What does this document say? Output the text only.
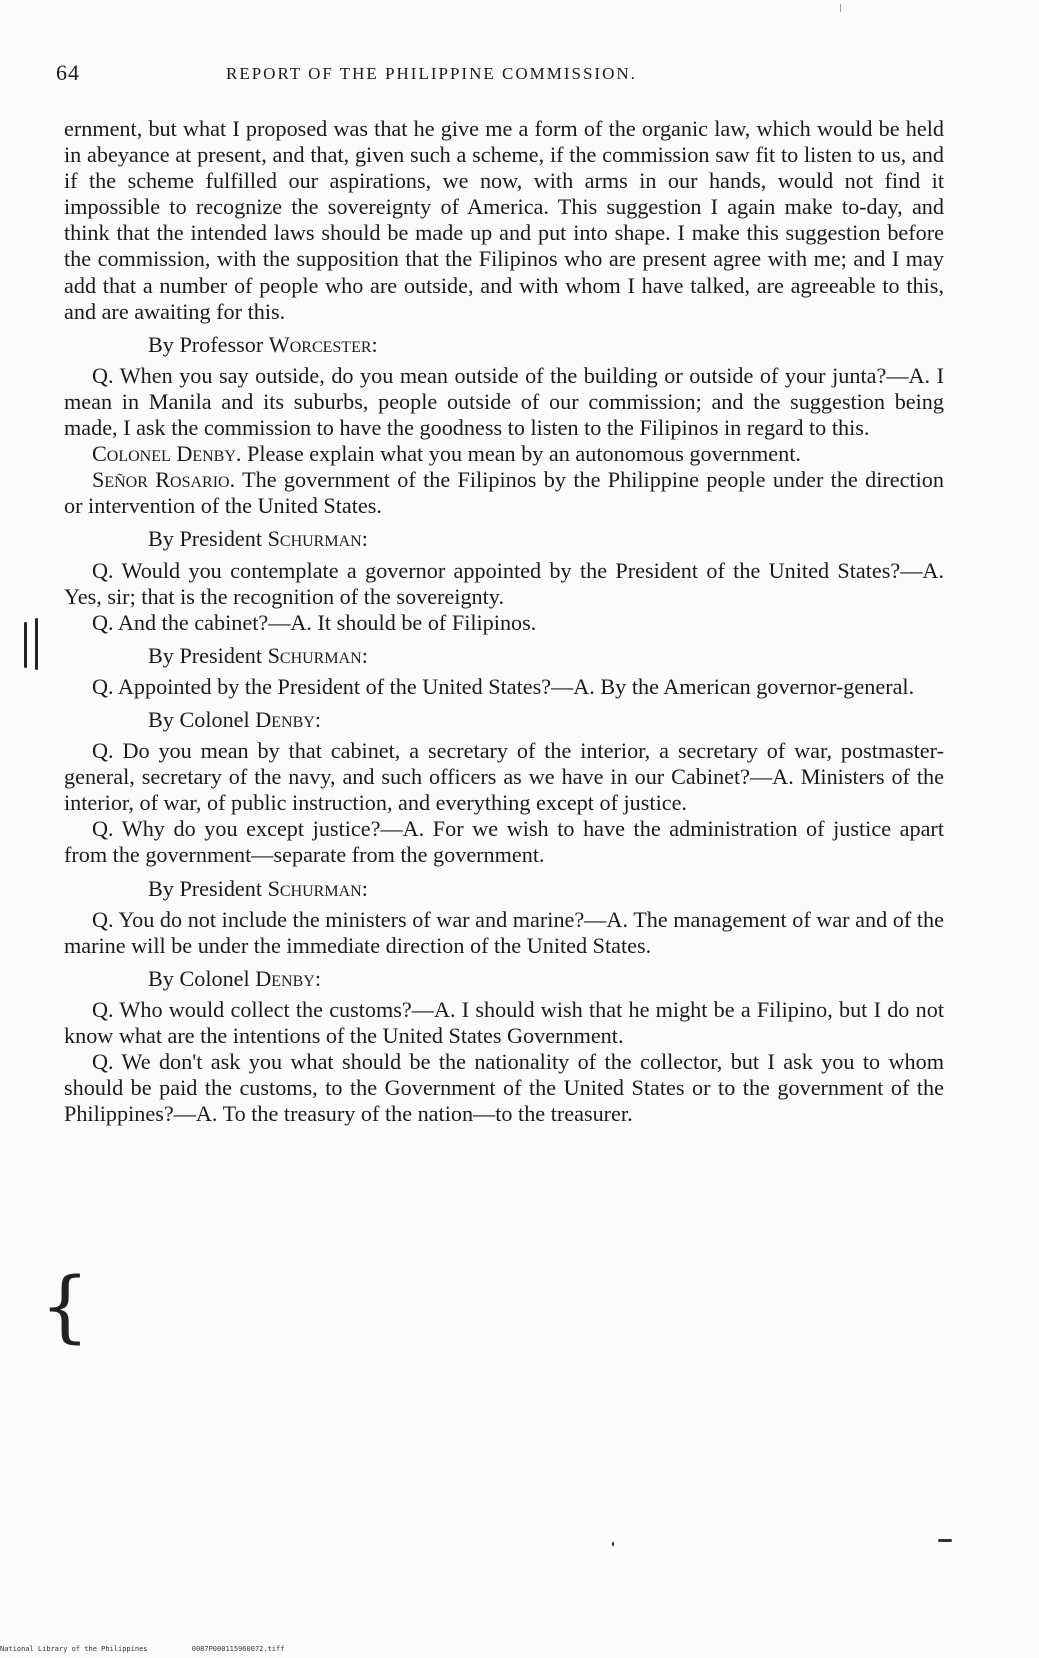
64	REPORT OF THE PHILIPPINE COMMISSION.

ernment, but what I proposed was that he give me a form of the organic law, which would be held in abeyance at present, and that, given such a scheme, if the commission saw fit to listen to us, and if the scheme fulfilled our aspirations, we now, with arms in our hands, would not find it impossible to recognize the sovereignty of America. This suggestion I again make to-day, and think that the intended laws should be made up and put into shape. I make this suggestion before the commission, with the supposition that the Filipinos who are present agree with me; and I may add that a number of people who are outside, and with whom I have talked, are agreeable to this, and are awaiting for this.

By Professor Worcester:

Q. When you say outside, do you mean outside of the building or outside of your junta?—A. I mean in Manila and its suburbs, people outside of our commission; and the suggestion being made, I ask the commission to have the goodness to listen to the Filipinos in regard to this.

Colonel Denby. Please explain what you mean by an autonomous government.

Señor Rosario. The government of the Filipinos by the Philippine people under the direction or intervention of the United States.

By President Schurman:

Q. Would you contemplate a governor appointed by the President of the United States?—A. Yes, sir; that is the recognition of the sovereignty.

Q. And the cabinet?—A. It should be of Filipinos.

By President Schurman:

Q. Appointed by the President of the United States?—A. By the American governor-general.

By Colonel Denby:

Q. Do you mean by that cabinet, a secretary of the interior, a secretary of war, postmaster-general, secretary of the navy, and such officers as we have in our Cabinet?—A. Ministers of the interior, of war, of public instruction, and everything except of justice.

Q. Why do you except justice?—A. For we wish to have the administration of justice apart from the government—separate from the government.

By President Schurman:

Q. You do not include the ministers of war and marine?—A. The management of war and of the marine will be under the immediate direction of the United States.

By Colonel Denby:

Q. Who would collect the customs?—A. I should wish that he might be a Filipino, but I do not know what are the intentions of the United States Government.

Q. We don't ask you what should be the nationality of the collector, but I ask you to whom should be paid the customs, to the Government of the United States or to the government of the Philippines?—A. To the treasury of the nation—to the treasurer.

{
National Library of the Philippines	0087P000115960072.tiff
